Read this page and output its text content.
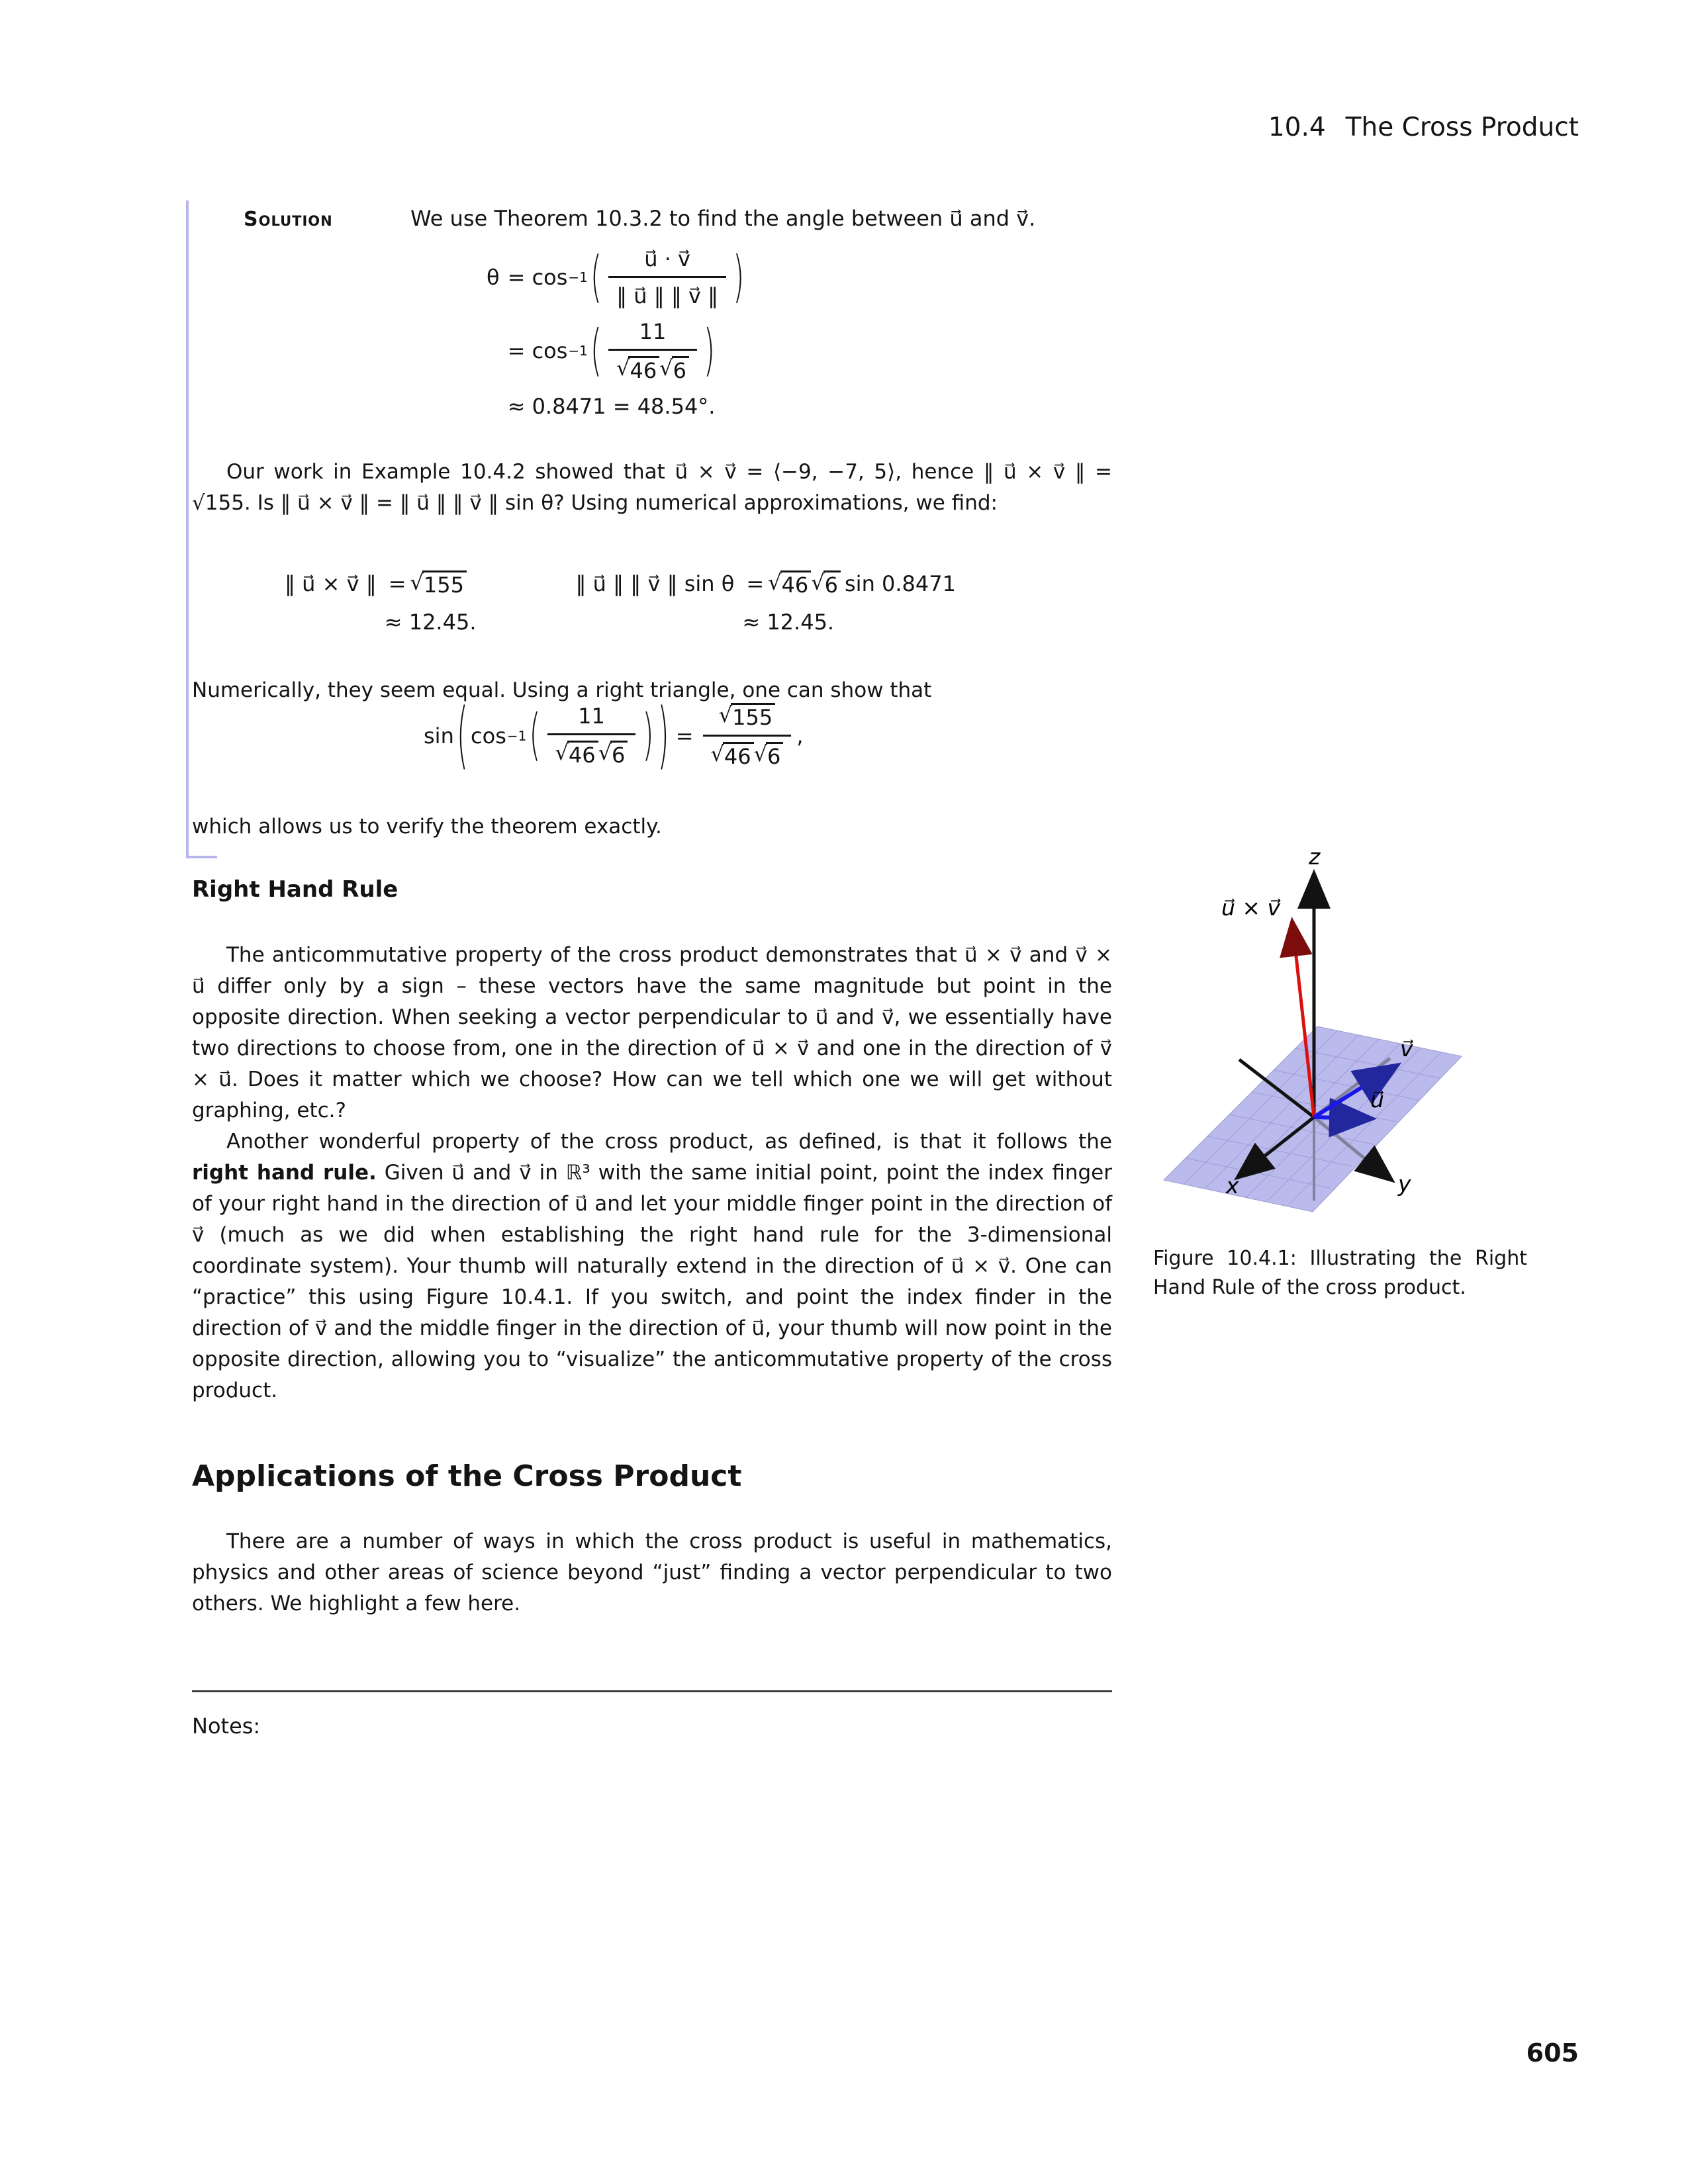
10.4 The Cross Product
Solution	We use Theorem 10.3.2 to find the angle between u⃗ and v⃗.
θ = cos −1 ( $\frac{u⃗ \cdot v⃗}{‖ u⃗ ‖ ‖ v⃗ ‖}$ )
= cos −1 ( $\frac{11}{√ 46 √ 6}$ )
≈ 0.8471 = 48.54°.

Our work in Example 10.4.2 showed that u⃗ × v⃗ = ⟨−9, −7, 5⟩, hence ‖ u⃗ × v⃗ ‖ = √155. Is ‖ u⃗ × v⃗ ‖ = ‖ u⃗ ‖ ‖ v⃗ ‖ sin θ? Using numerical approximations, we find:

‖ u⃗ × v⃗ ‖ = √ 155
≈ 12.45.
‖ u⃗ ‖ ‖ v⃗ ‖ sin θ = √ 46 √ 6 sin 0.8471
≈ 12.45.

Numerically, they seem equal. Using a right triangle, one can show that

sin ( cos −1 ( $\frac{11}{√ 46 √ 6}$ ) ) = $\frac{√ 155}{√ 46 √ 6}$ ,

which allows us to verify the theorem exactly.

Right Hand Rule

The anticommutative property of the cross product demonstrates that u⃗ × v⃗ and v⃗ × u⃗ differ only by a sign – these vectors have the same magnitude but point in the opposite direction. When seeking a vector perpendicular to u⃗ and v⃗, we essentially have two directions to choose from, one in the direction of u⃗ × v⃗ and one in the direction of v⃗ × u⃗. Does it matter which we choose? How can we tell which one we will get without graphing, etc.?

Another wonderful property of the cross product, as defined, is that it follows the right hand rule. Given u⃗ and v⃗ in ℝ³ with the same initial point, point the index finger of your right hand in the direction of u⃗ and let your middle finger point in the direction of v⃗ (much as we did when establishing the right hand rule for the 3-dimensional coordinate system). Your thumb will naturally extend in the direction of u⃗ × v⃗. One can “practice” this using Figure 10.4.1. If you switch, and point the index finder in the direction of v⃗ and the middle finger in the direction of u⃗, your thumb will now point in the opposite direction, allowing you to “visualize” the anticommutative property of the cross product.

Applications of the Cross Product

There are a number of ways in which the cross product is useful in mathematics, physics and other areas of science beyond “just” finding a vector perpendicular to two others. We highlight a few here.

z
x	y
u⃗
v⃗
u⃗ × v⃗
Figure 10.4.1: Illustrating the Right Hand Rule of the cross product.
Notes:
605
